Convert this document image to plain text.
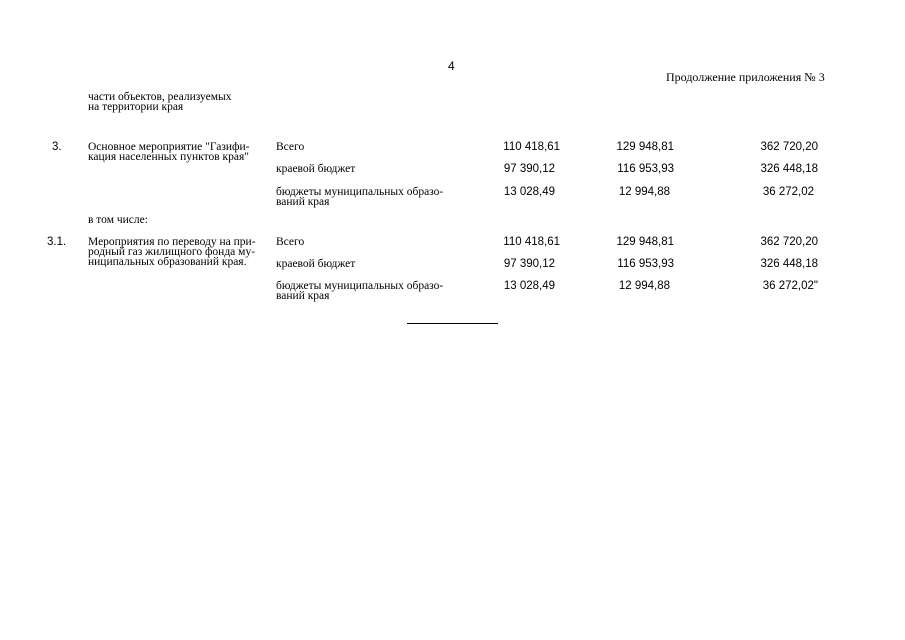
4
Продолжение приложения № 3
части объектов, реализуемых
на территории края
3. Основное мероприятие "Газифи-
кация населенных пунктов края"
Всего	110 418,61	129 948,81	362 720,20
краевой бюджет	97 390,12	116 953,93	326 448,18
бюджеты муниципальных образо-
ваний края
13 028,49	12 994,88	36 272,02
в том числе:
3.1. Мероприятия по переводу на при-
родный газ жилищного фонда му-
ниципальных образований края.
Всего	110 418,61	129 948,81	362 720,20
краевой бюджет	97 390,12	116 953,93	326 448,18
бюджеты муниципальных образо-
ваний края
13 028,49	12 994,88	36 272,02"
